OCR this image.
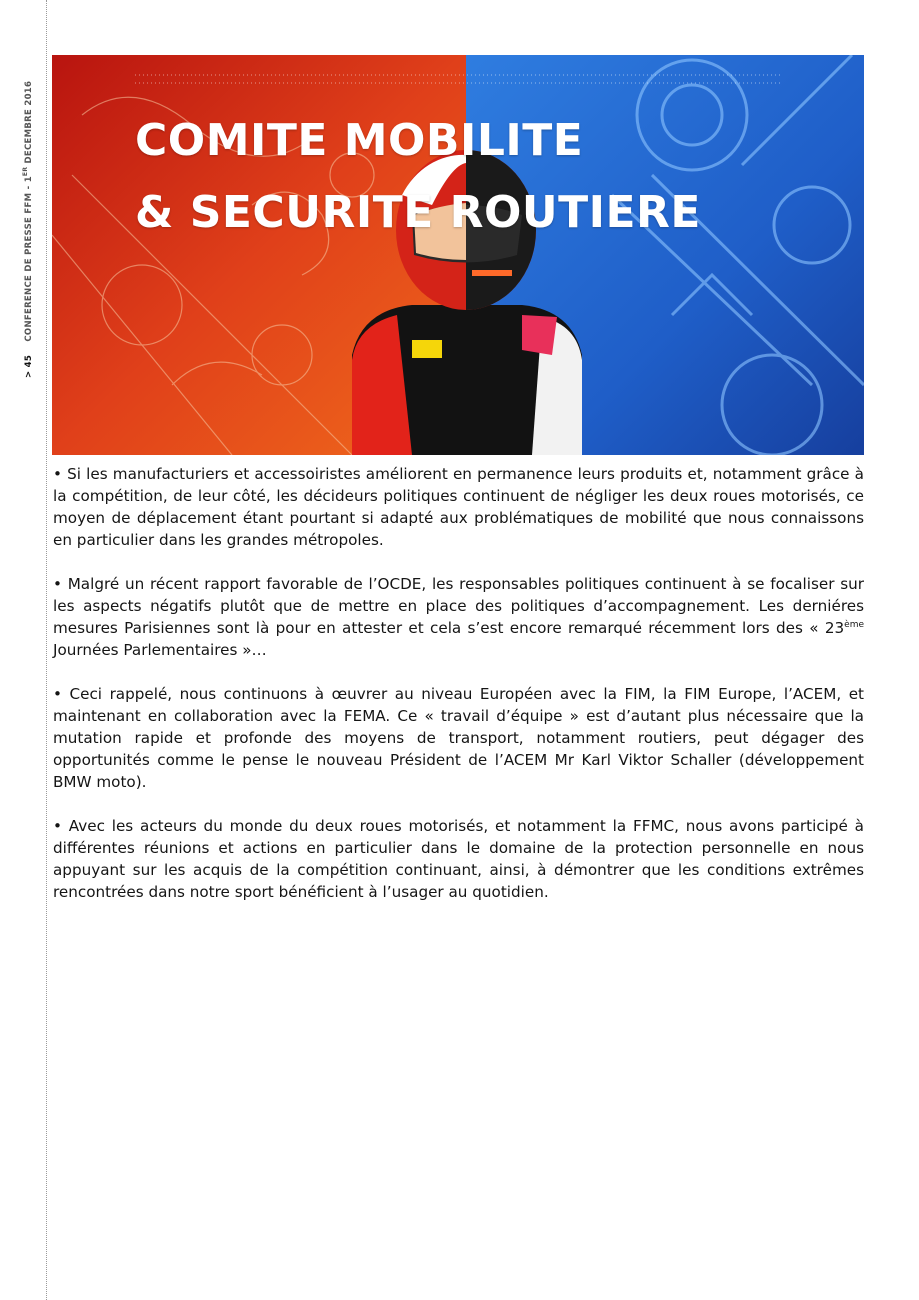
> 45 CONFERENCE DE PRESSE FFM - 1ER DECEMBRE 2016 COMITE MOBILITE
& SECURITE ROUTIERE

• Si les manufacturiers et accessoiristes améliorent en permanence leurs produits et, notamment grâce à la compétition, de leur côté, les décideurs politiques continuent de négliger les deux roues motorisés, ce moyen de déplacement étant pourtant si adapté aux problématiques de mobilité que nous connaissons en particulier dans les grandes métropoles.

• Malgré un récent rapport favorable de l’OCDE, les responsables politiques continuent à se focaliser sur les aspects négatifs plutôt que de mettre en place des politiques d’accompagnement. Les derniéres mesures Parisiennes sont là pour en attester et cela s’est encore remarqué récemment lors des « 23ème Journées Parlementaires »…

• Ceci rappelé, nous continuons à œuvrer au niveau Européen avec la FIM, la FIM Europe, l’ACEM, et maintenant en collaboration avec la FEMA. Ce « travail d’équipe » est d’autant plus nécessaire que la mutation rapide et profonde des moyens de transport, notamment routiers, peut dégager des opportunités comme le pense le nouveau Président de l’ACEM Mr Karl Viktor Schaller (développement BMW moto).

• Avec les acteurs du monde du deux roues motorisés, et notamment la FFMC, nous avons participé à différentes réunions et actions en particulier dans le domaine de la protection personnelle en nous appuyant sur les acquis de la compétition continuant, ainsi, à démontrer que les conditions extrêmes rencontrées dans notre sport bénéficient à l’usager au quotidien.
